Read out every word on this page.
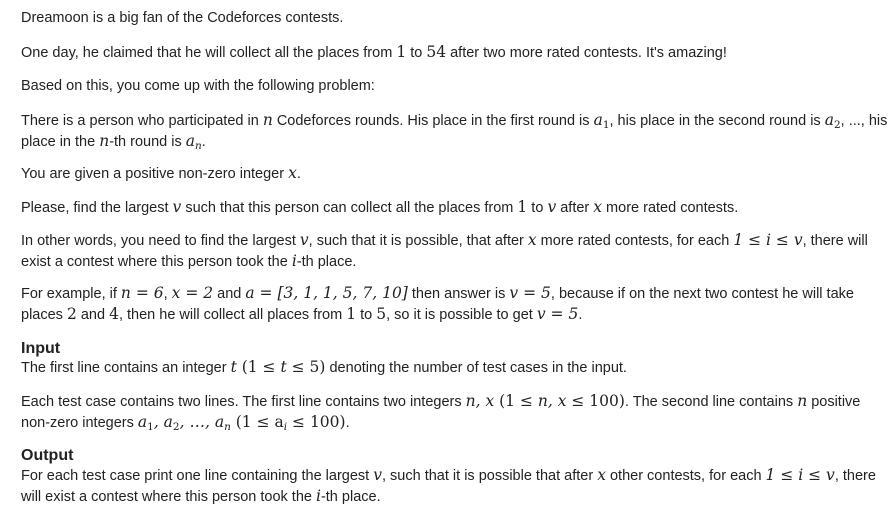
Dreamoon is a big fan of the Codeforces contests.

One day, he claimed that he will collect all the places from 1 to 54 after two more rated contests. It's amazing!

Based on this, you come up with the following problem:

There is a person who participated in n Codeforces rounds. His place in the first round is $a_1$, his place in the second round is $a_2$, ..., his place in the n-th round is $a_n$.

You are given a positive non-zero integer x.

Please, find the largest v such that this person can collect all the places from 1 to v after x more rated contests.

In other words, you need to find the largest v, such that it is possible, that after x more rated contests, for each 1 ≤ i ≤ v, there will exist a contest where this person took the i-th place.

For example, if n = 6, x = 2 and a = [3, 1, 1, 5, 7, 10] then answer is v = 5, because if on the next two contest he will take places 2 and 4, then he will collect all places from 1 to 5, so it is possible to get v = 5.

Input

The first line contains an integer t (1 ≤ t ≤ 5) denoting the number of test cases in the input.

Each test case contains two lines. The first line contains two integers n, x (1 ≤ n, x ≤ 100). The second line contains n positive non-zero integers $a_1$, $a_2$, …, $a_n$ $(1 \le a_i \le 100)$.

Output

For each test case print one line containing the largest v, such that it is possible that after x other contests, for each 1 ≤ i ≤ v, there will exist a contest where this person took the i-th place.
